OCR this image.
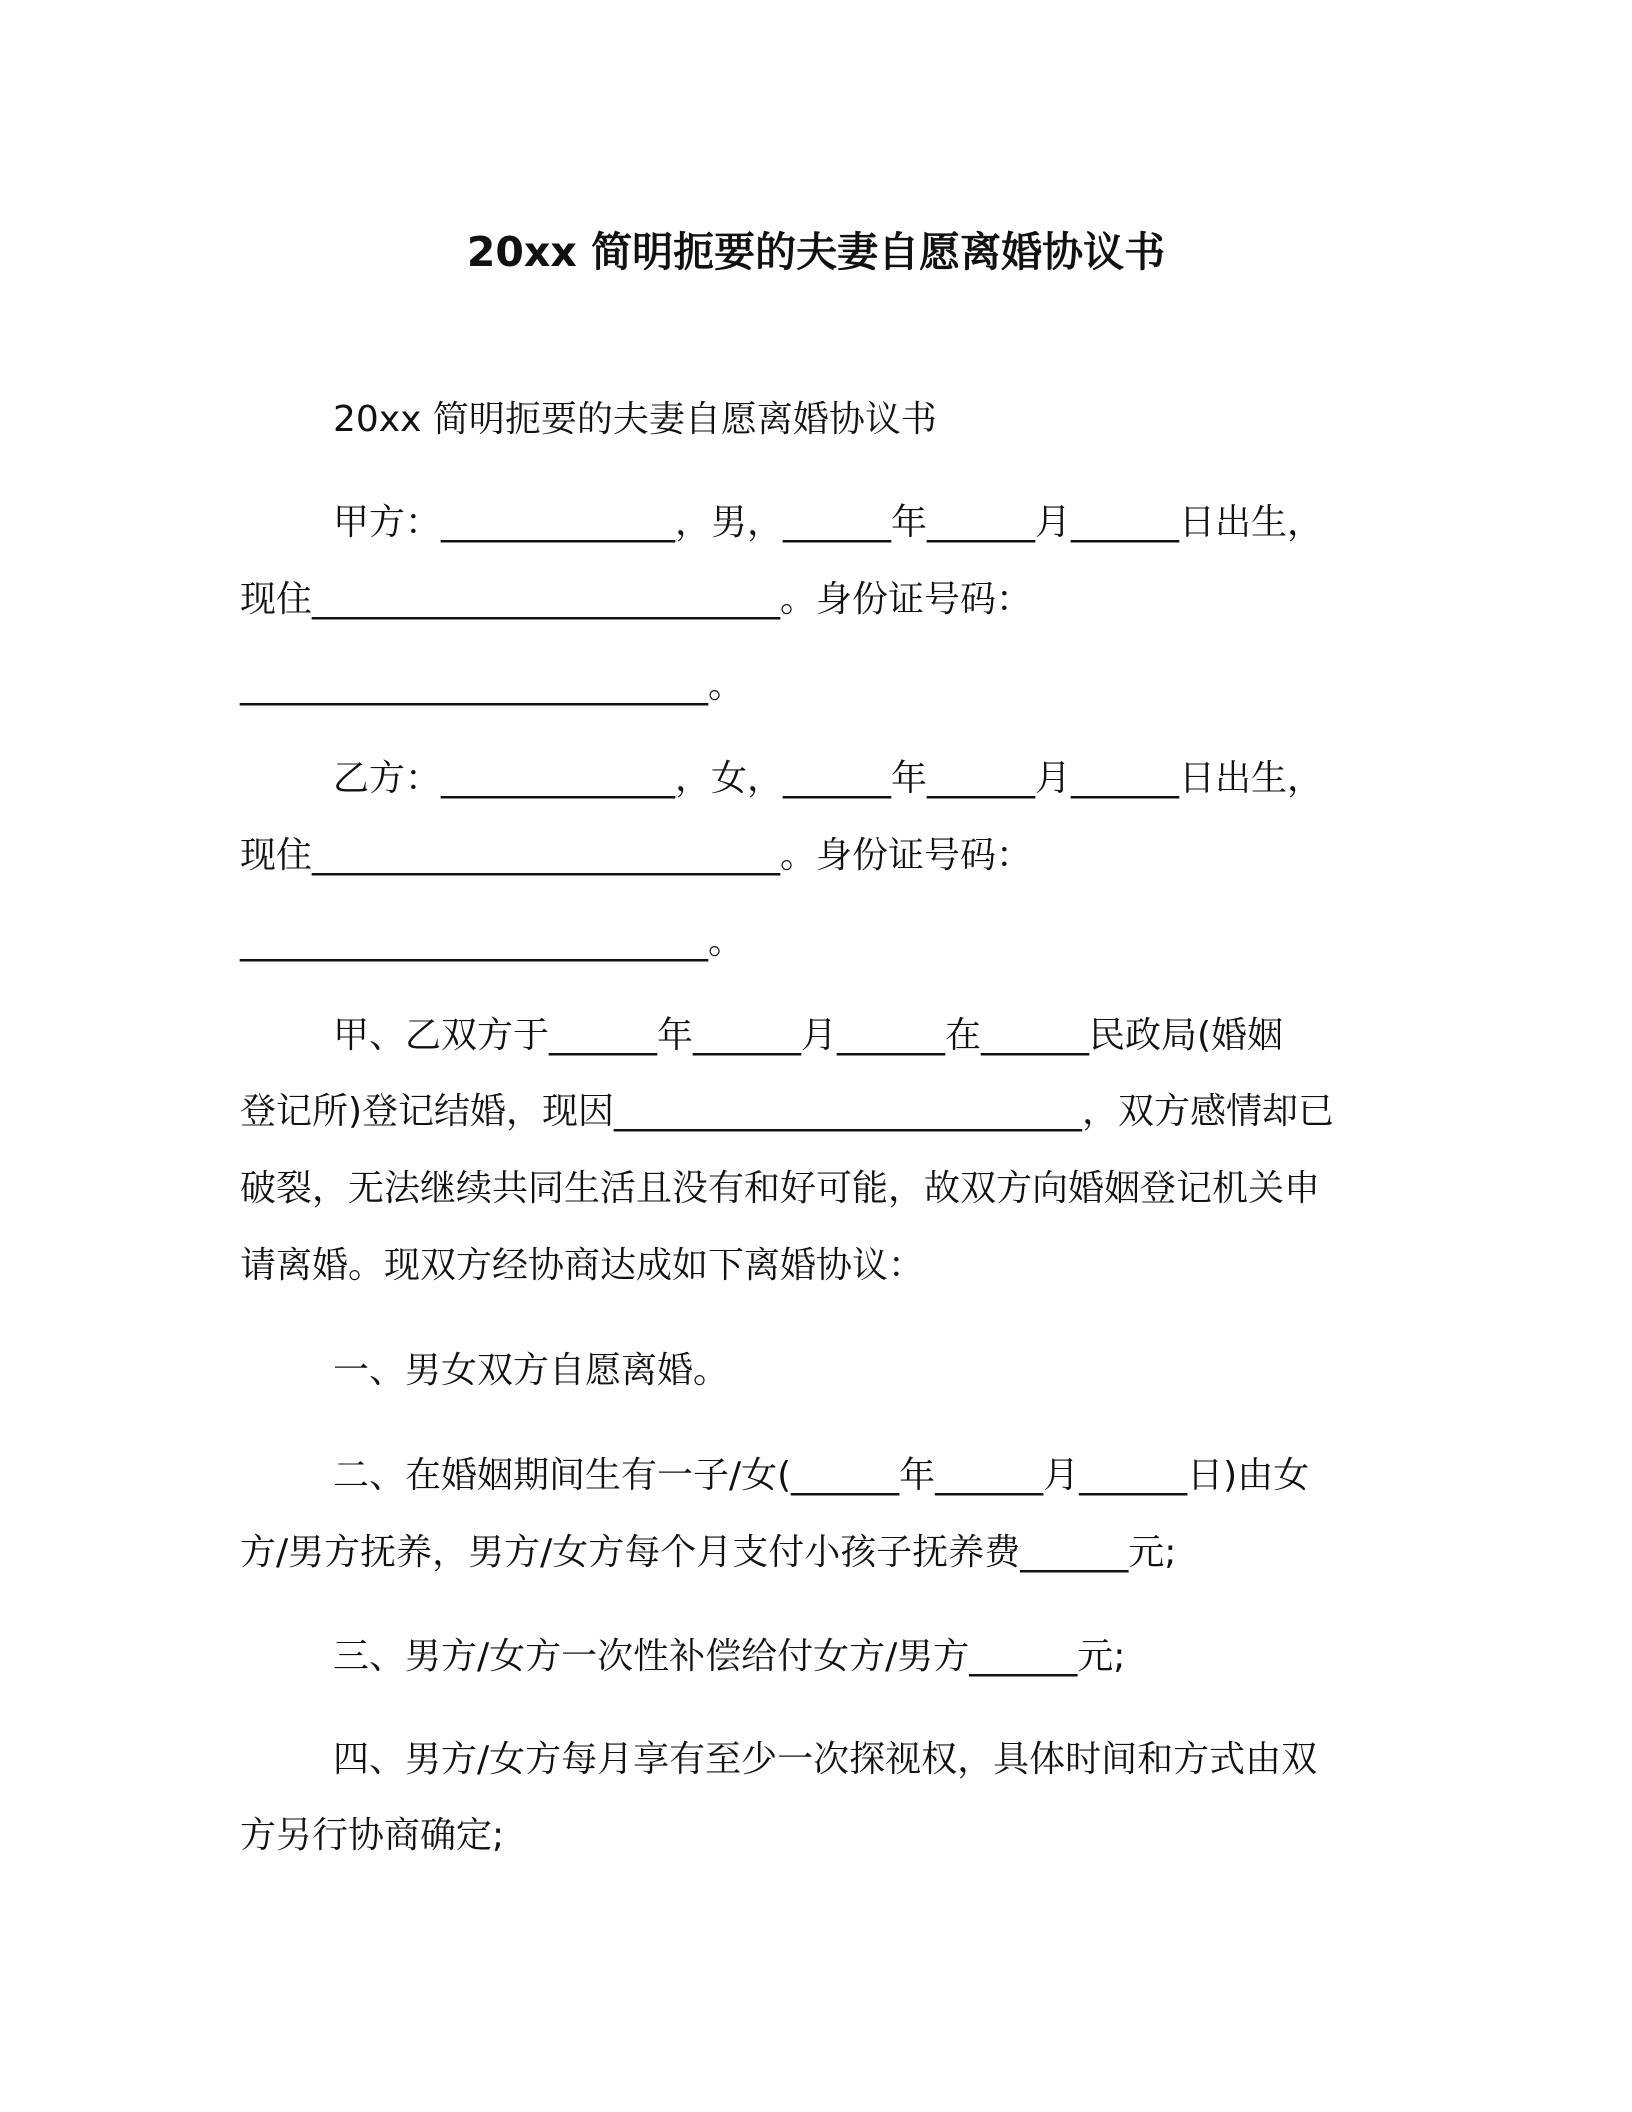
20xx 简明扼要的夫妻自愿离婚协议书
20xx 简明扼要的夫妻自愿离婚协议书
甲方：_____________，男，______年______月______日出生，
现住__________________________。身份证号码：
__________________________。
乙方：_____________，女，______年______月______日出生，
现住__________________________。身份证号码：
__________________________。
甲、乙双方于______年______月______在______民政局(婚姻
登记所)登记结婚，现因__________________________，双方感情却已
破裂，无法继续共同生活且没有和好可能，故双方向婚姻登记机关申
请离婚。现双方经协商达成如下离婚协议：
一、男女双方自愿离婚。
二、在婚姻期间生有一子/女(______年______月______日)由女
方/男方抚养，男方/女方每个月支付小孩子抚养费______元;
三、男方/女方一次性补偿给付女方/男方______元;
四、男方/女方每月享有至少一次探视权，具体时间和方式由双
方另行协商确定;
